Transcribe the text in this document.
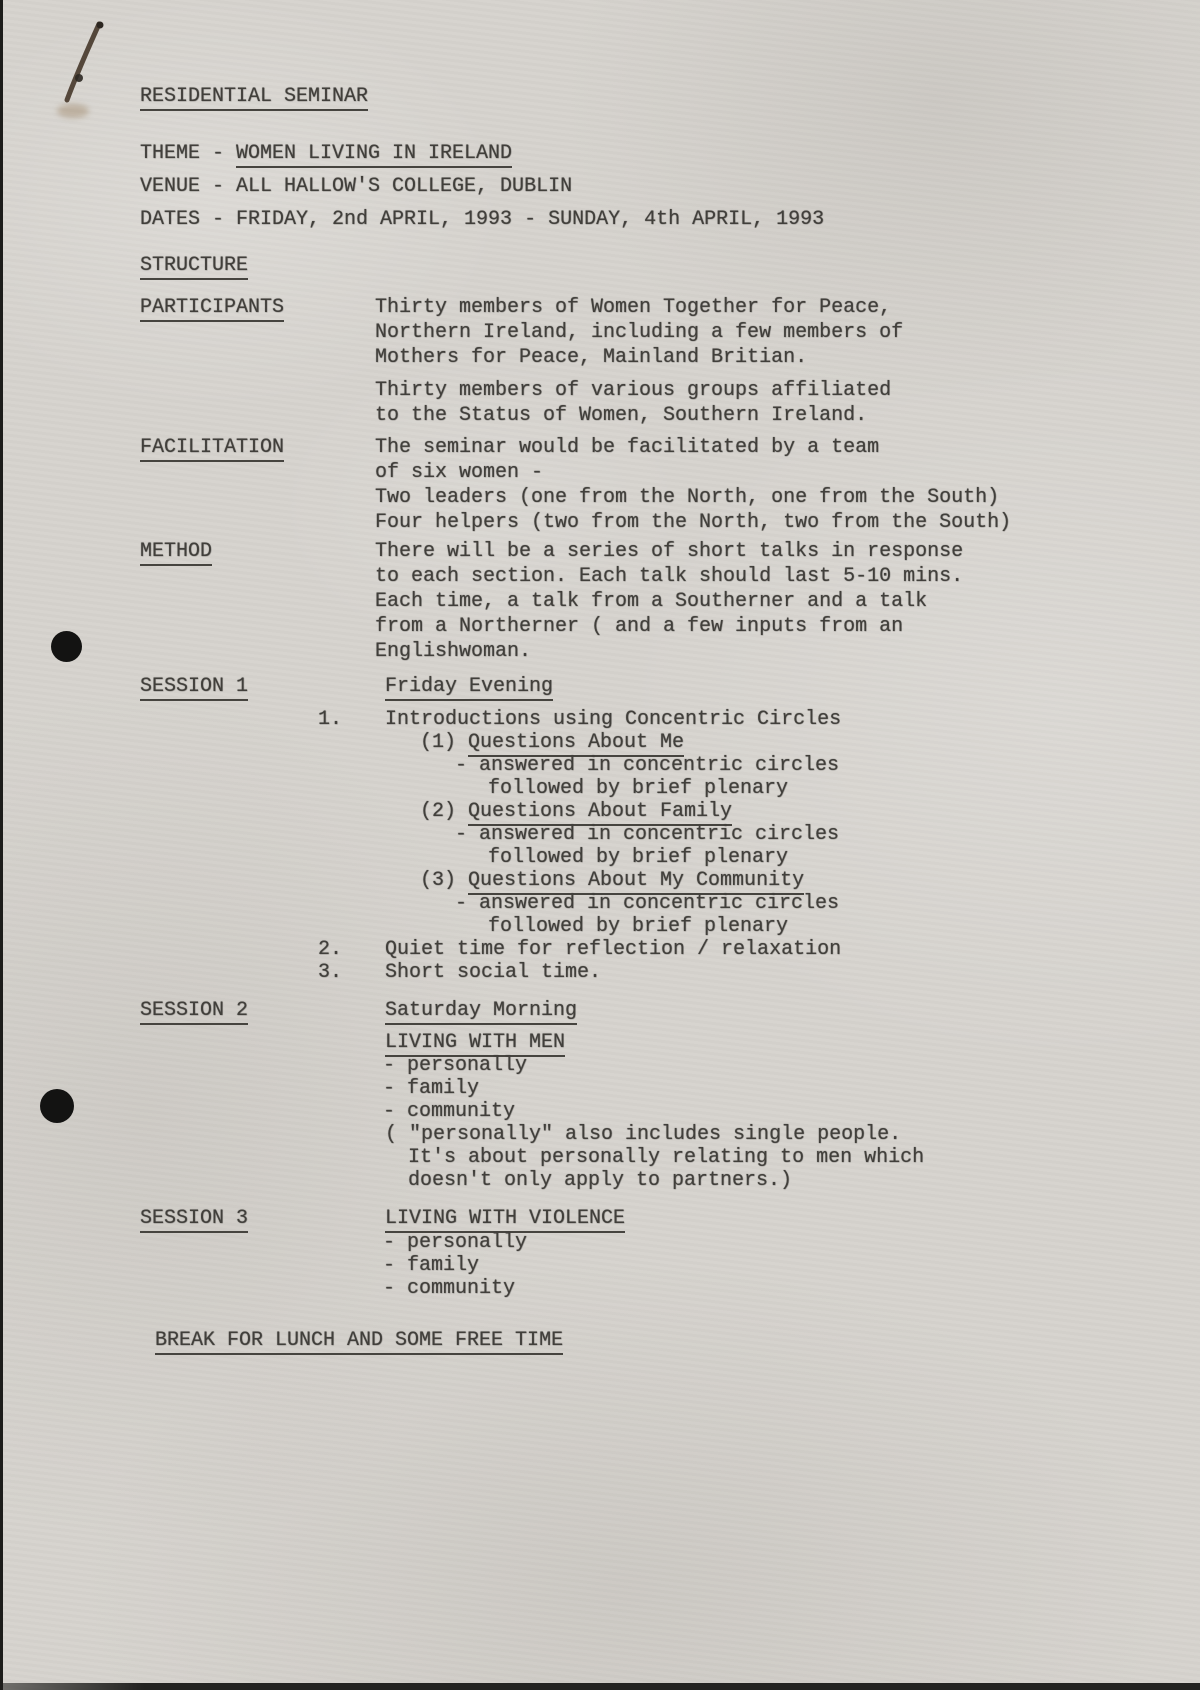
RESIDENTIAL SEMINAR
THEME - WOMEN LIVING IN IRELAND
VENUE - ALL HALLOW'S COLLEGE, DUBLIN
DATES - FRIDAY, 2nd APRIL, 1993 - SUNDAY, 4th APRIL, 1993
STRUCTURE
PARTICIPANTS	Thirty members of Women Together for Peace,
Northern Ireland, including a few members of
Mothers for Peace, Mainland Britian.
Thirty members of various groups affiliated
to the Status of Women, Southern Ireland.
FACILITATION	The seminar would be facilitated by a team
of six women -
Two leaders (one from the North, one from the South)
Four helpers (two from the North, two from the South)
METHOD	There will be a series of short talks in response
to each section. Each talk should last 5-10 mins.
Each time, a talk from a Southerner and a talk
from a Northerner ( and a few inputs from an
Englishwoman.
SESSION 1	Friday Evening
1.	Introductions using Concentric Circles
(1) Questions About Me
- answered in concentric circles
followed by brief plenary
(2) Questions About Family
- answered in concentric circles
followed by brief plenary
(3) Questions About My Community
- answered in concentric circles
followed by brief plenary
2.	Quiet time for reflection / relaxation
3.	Short social time.
SESSION 2	Saturday Morning
LIVING WITH MEN
- personally
- family
- community
( "personally" also includes single people.
It's about personally relating to men which
doesn't only apply to partners.)
SESSION 3	LIVING WITH VIOLENCE
- personally
- family
- community
BREAK FOR LUNCH AND SOME FREE TIME
